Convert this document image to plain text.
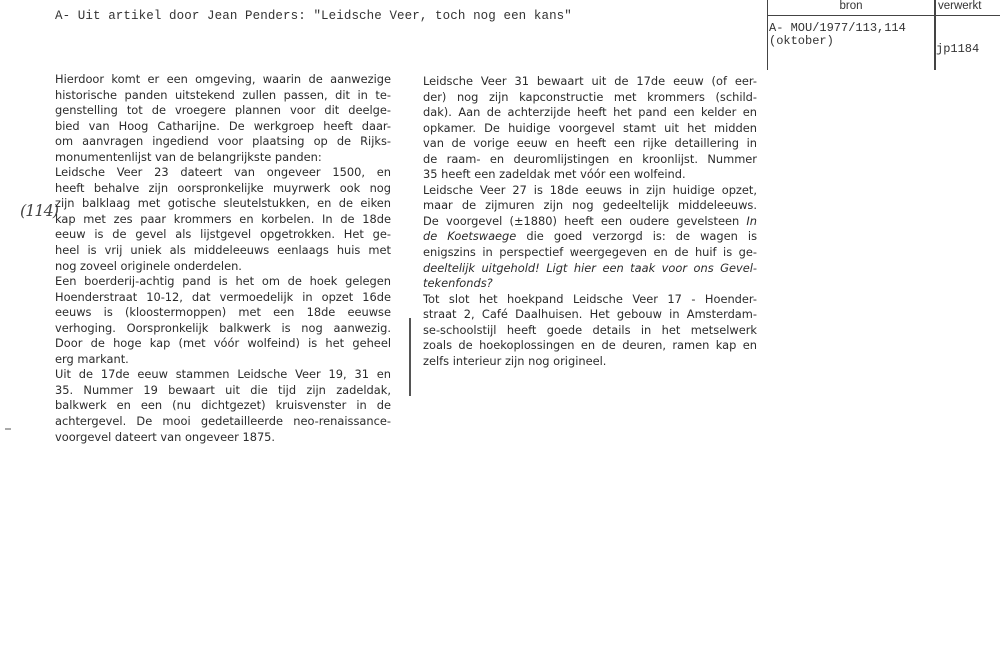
A- Uit artikel door Jean Penders: "Leidsche Veer, toch nog een kans"
bron	verwerkt
A- MOU/1977/113,114
(oktober)
jp1184
(114)
Hierdoor komt er een omgeving, waarin de aanwezige
historische panden uitstekend zullen passen, dit in te-
genstelling tot de vroegere plannen voor dit deelge-
bied van Hoog Catharijne. De werkgroep heeft daar-
om aanvragen ingediend voor plaatsing op de Rijks-
monumentenlijst van de belangrijkste panden:
Leidsche Veer 23 dateert van ongeveer 1500, en
heeft behalve zijn oorspronkelijke muyrwerk ook nog
zijn balklaag met gotische sleutelstukken, en de eiken
kap met zes paar krommers en korbelen. In de 18de
eeuw is de gevel als lijstgevel opgetrokken. Het ge-
heel is vrij uniek als middeleeuws eenlaags huis met
nog zoveel originele onderdelen.
Een boerderij-achtig pand is het om de hoek gelegen
Hoenderstraat 10-12, dat vermoedelijk in opzet 16de
eeuws is (kloostermoppen) met een 18de eeuwse
verhoging. Oorspronkelijk balkwerk is nog aanwezig.
Door de hoge kap (met vóór wolfeind) is het geheel
erg markant.
Uit de 17de eeuw stammen Leidsche Veer 19, 31 en
35. Nummer 19 bewaart uit die tijd zijn zadeldak,
balkwerk en een (nu dichtgezet) kruisvenster in de
achtergevel. De mooi gedetailleerde neo-renaissance-
voorgevel dateert van ongeveer 1875.
Leidsche Veer 31 bewaart uit de 17de eeuw (of eer-
der) nog zijn kapconstructie met krommers (schild-
dak). Aan de achterzijde heeft het pand een kelder en
opkamer. De huidige voorgevel stamt uit het midden
van de vorige eeuw en heeft een rijke detaillering in
de raam- en deuromlijstingen en kroonlijst. Nummer
35 heeft een zadeldak met vóór een wolfeind.
Leidsche Veer 27 is 18de eeuws in zijn huidige opzet,
maar de zijmuren zijn nog gedeeltelijk middeleeuws.
De voorgevel (±1880) heeft een oudere gevelsteen In
de Koetswaege die goed verzorgd is: de wagen is
enigszins in perspectief weergegeven en de huif is ge-
deeltelijk uitgehold! Ligt hier een taak voor ons Gevel-
tekenfonds?
Tot slot het hoekpand Leidsche Veer 17 - Hoender-
straat 2, Café Daalhuisen. Het gebouw in Amsterdam-
se-schoolstijl heeft goede details in het metselwerk
zoals de hoekoplossingen en de deuren, ramen kap en
zelfs interieur zijn nog origineel.
